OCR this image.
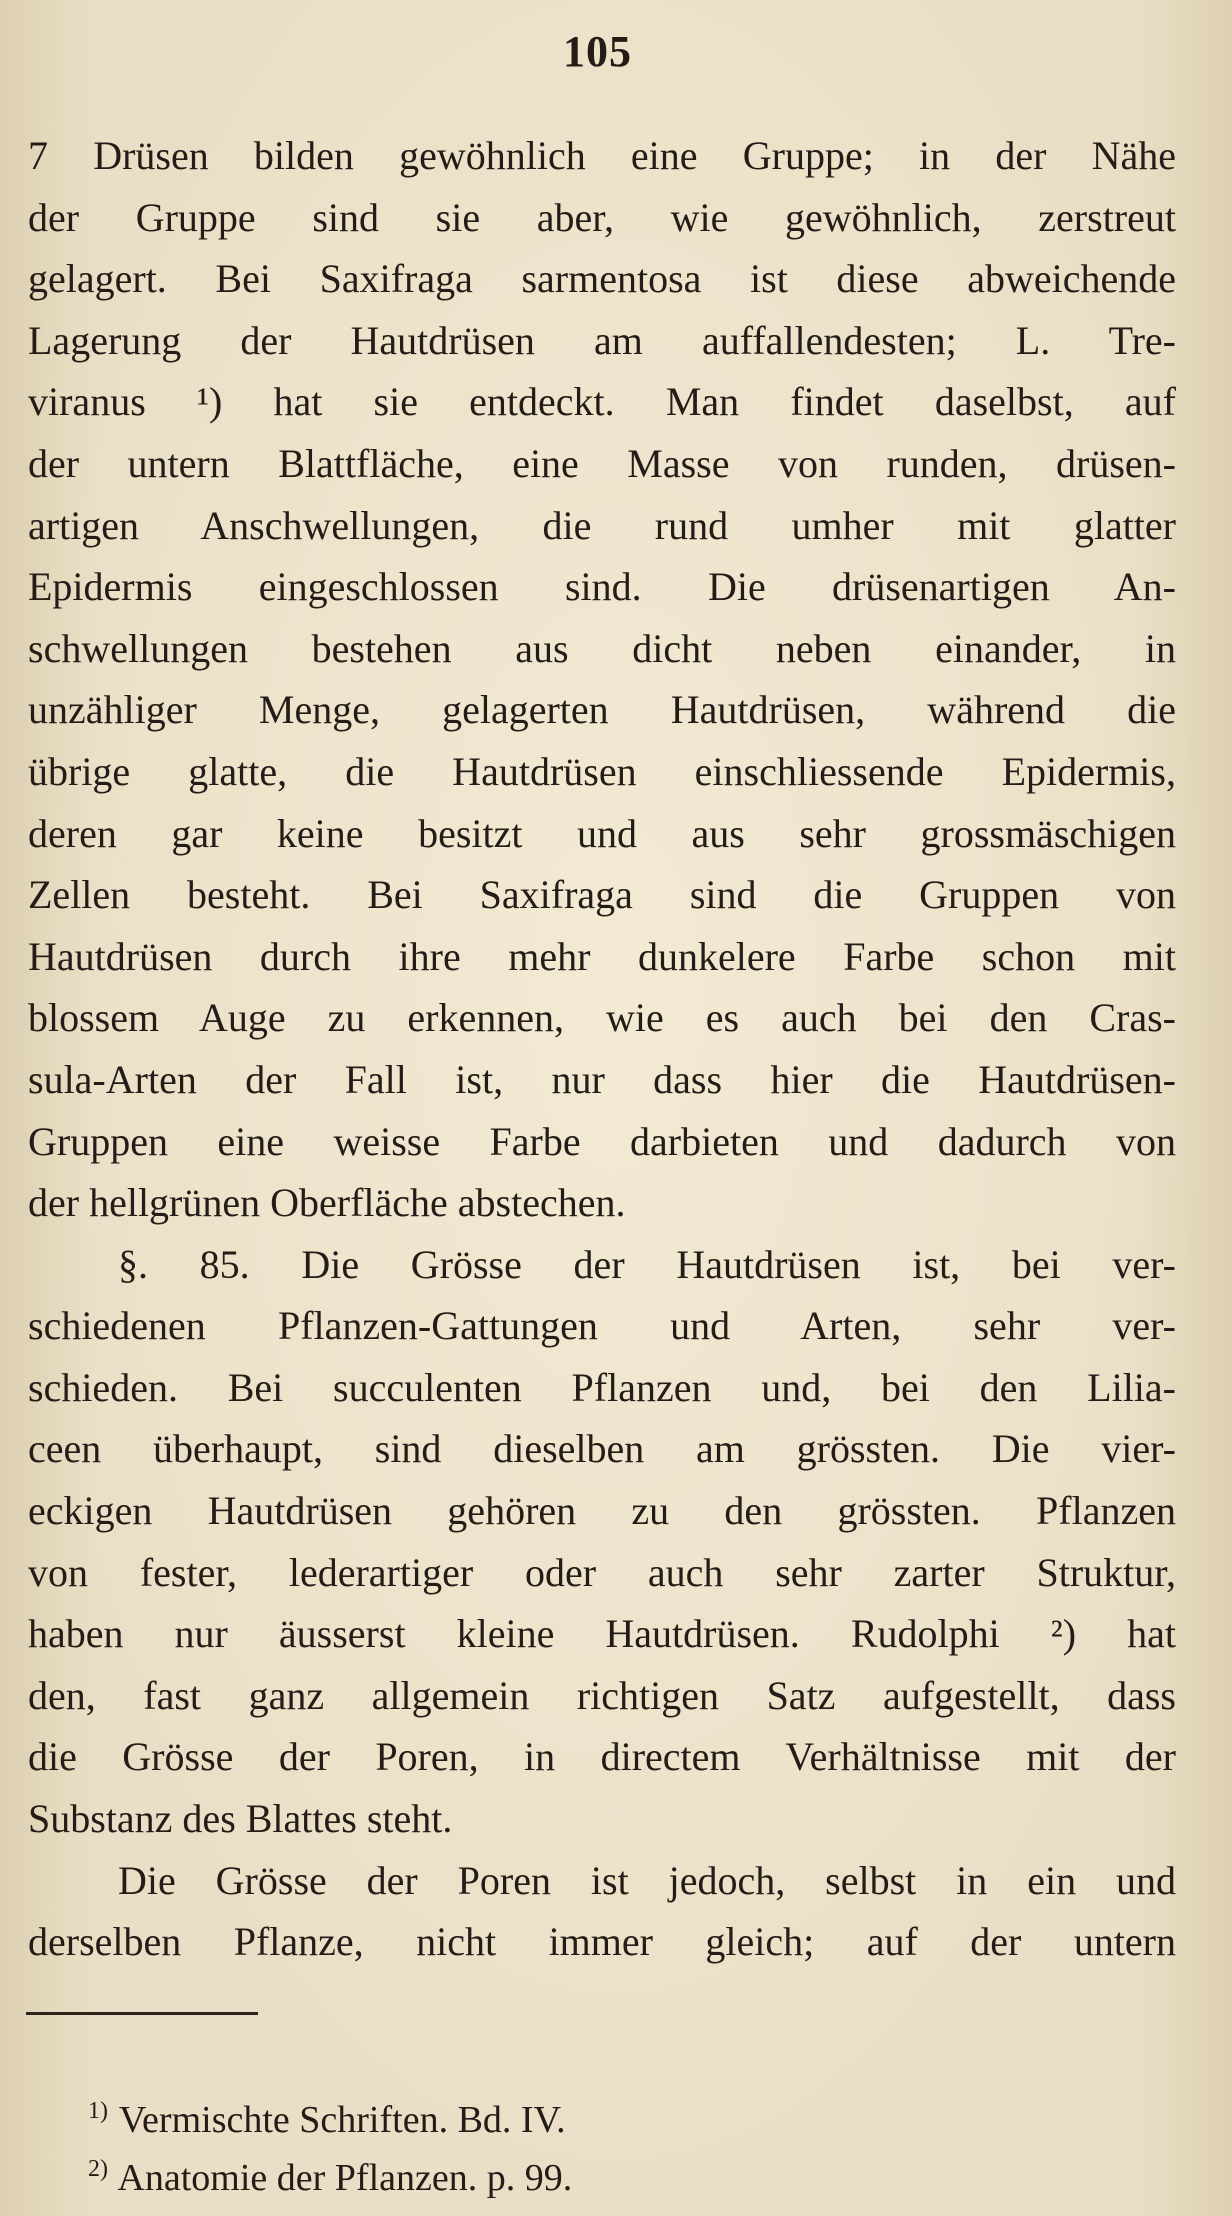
105
7 Drüsen bilden gewöhnlich eine Gruppe; in der Nähe
der Gruppe sind sie aber, wie gewöhnlich, zerstreut
gelagert. Bei Saxifraga sarmentosa ist diese abweichende
Lagerung der Hautdrüsen am auffallendesten; L. Tre-
viranus ¹) hat sie entdeckt. Man findet daselbst, auf
der untern Blattfläche, eine Masse von runden, drüsen-
artigen Anschwellungen, die rund umher mit glatter
Epidermis eingeschlossen sind. Die drüsenartigen An-
schwellungen bestehen aus dicht neben einander, in
unzähliger Menge, gelagerten Hautdrüsen, während die
übrige glatte, die Hautdrüsen einschliessende Epidermis,
deren gar keine besitzt und aus sehr grossmäschigen
Zellen besteht. Bei Saxifraga sind die Gruppen von
Hautdrüsen durch ihre mehr dunkelere Farbe schon mit
blossem Auge zu erkennen, wie es auch bei den Cras-
sula-Arten der Fall ist, nur dass hier die Hautdrüsen-
Gruppen eine weisse Farbe darbieten und dadurch von
der hellgrünen Oberfläche abstechen.
§. 85. Die Grösse der Hautdrüsen ist, bei ver-
schiedenen Pflanzen-Gattungen und Arten, sehr ver-
schieden. Bei succulenten Pflanzen und, bei den Lilia-
ceen überhaupt, sind dieselben am grössten. Die vier-
eckigen Hautdrüsen gehören zu den grössten. Pflanzen
von fester, lederartiger oder auch sehr zarter Struktur,
haben nur äusserst kleine Hautdrüsen. Rudolphi ²) hat
den, fast ganz allgemein richtigen Satz aufgestellt, dass
die Grösse der Poren, in directem Verhältnisse mit der
Substanz des Blattes steht.
Die Grösse der Poren ist jedoch, selbst in ein und
derselben Pflanze, nicht immer gleich; auf der untern
$^{1)}$ Vermischte Schriften. Bd. IV.
$^{2)}$ Anatomie der Pflanzen. p. 99.
